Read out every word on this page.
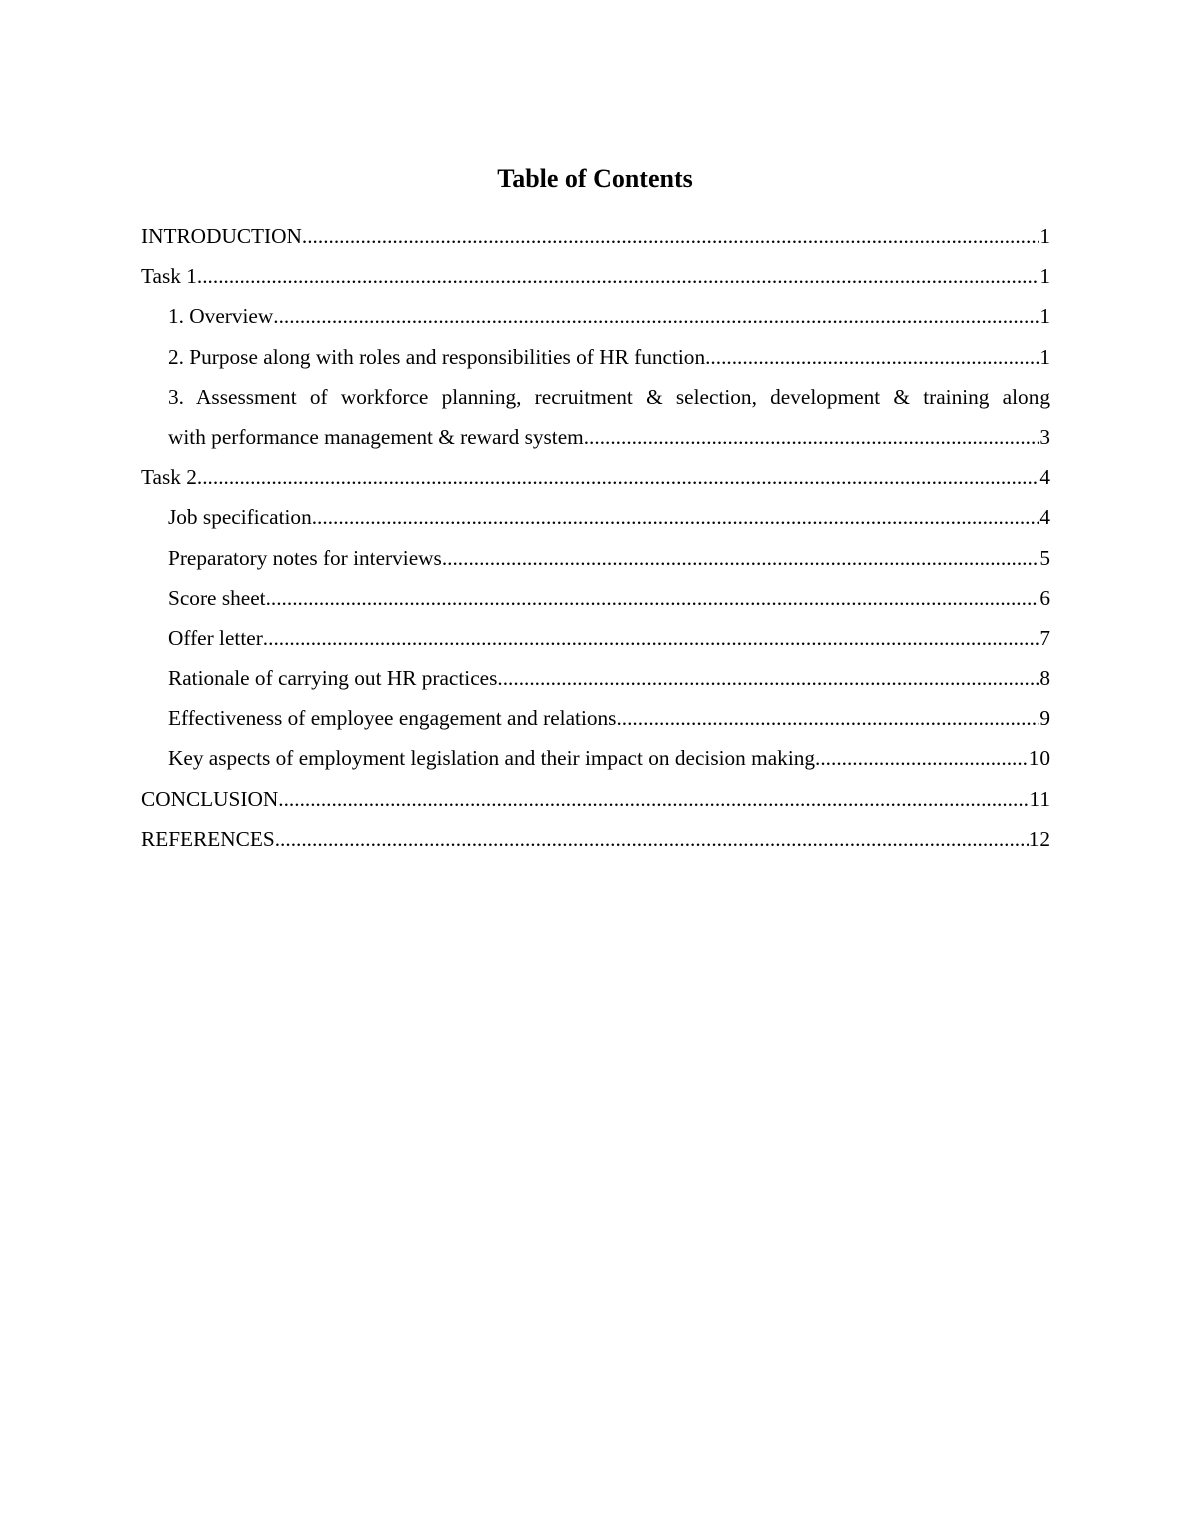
Table of Contents
INTRODUCTION .....	1
Task 1 .....	1
1. Overview .....	1
2. Purpose along with roles and responsibilities of HR function .....	1
3. Assessment of workforce planning, recruitment & selection, development & training along
with performance management & reward system .....	3
Task 2 .....	4
Job specification .....	4
Preparatory notes for interviews .....	5
Score sheet .....	6
Offer letter .....	7
Rationale of carrying out HR practices .....	8
Effectiveness of employee engagement and relations .....	9
Key aspects of employment legislation and their impact on decision making .....	10
CONCLUSION .....	11
REFERENCES .....	12
